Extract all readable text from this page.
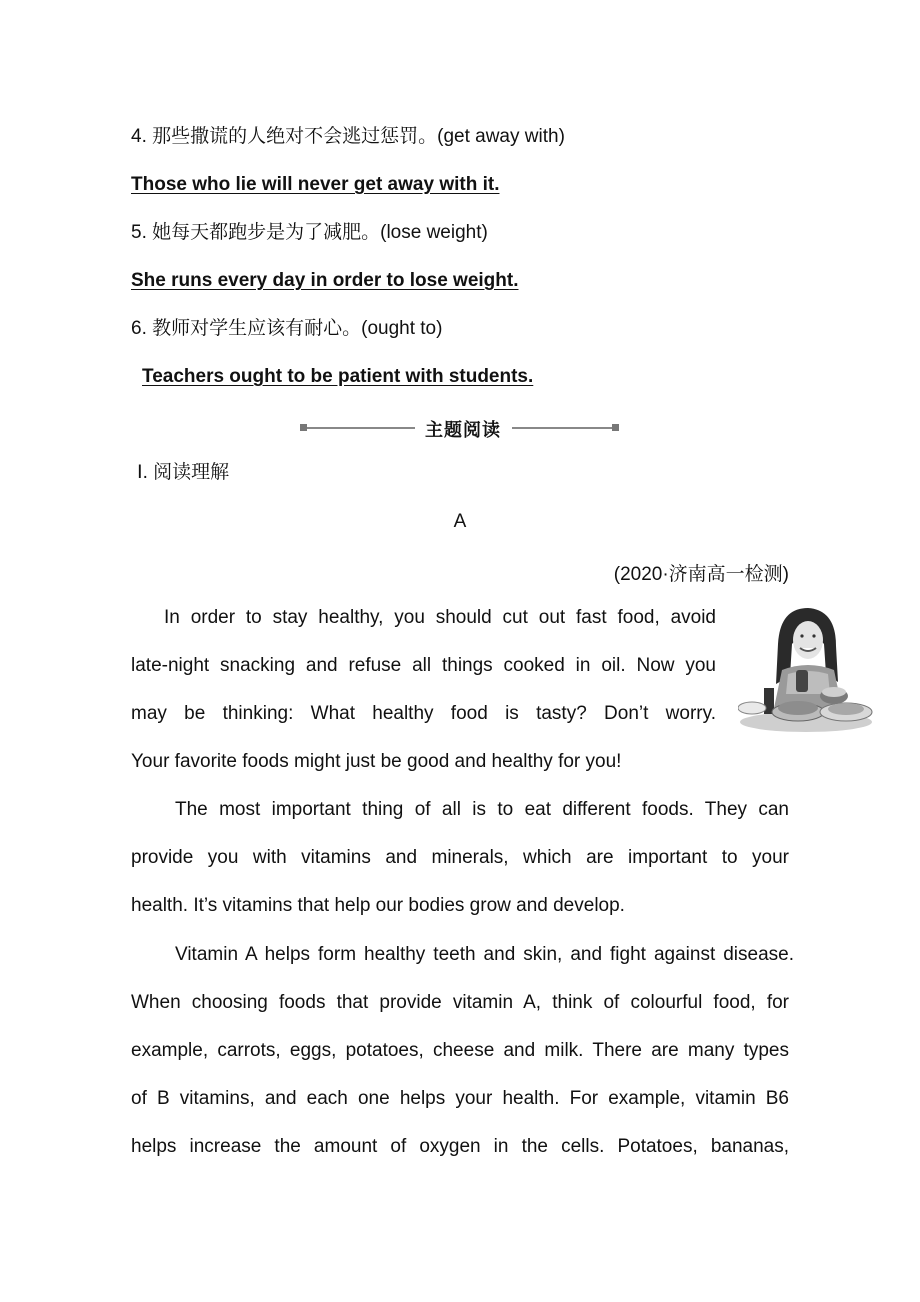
4. 那些撒谎的人绝对不会逃过惩罚。(get away with)
Those who lie will never get away with it.
5. 她每天都跑步是为了减肥。(lose weight)
She runs every day in order to lose weight.
6. 教师对学生应该有耐心。(ought to)
Teachers ought to be patient with students.
主题阅读
Ⅰ. 阅读理解
A
(2020·济南高一检测)
In order to stay healthy, you should cut out fast food, avoid
late-night snacking and refuse all things cooked in oil. Now you
may be thinking: What healthy food is tasty? Don’t worry.
Your favorite foods might just be good and healthy for you!
The most important thing of all is to eat different foods. They can
provide you with vitamins and minerals, which are important to your
health. It’s vitamins that help our bodies grow and develop.
Vitamin A helps form healthy teeth and skin, and fight against disease.
When choosing foods that provide vitamin A, think of colourful food, for
example, carrots, eggs, potatoes, cheese and milk. There are many types
of B vitamins, and each one helps your health. For example, vitamin B6
helps increase the amount of oxygen in the cells. Potatoes, bananas,
